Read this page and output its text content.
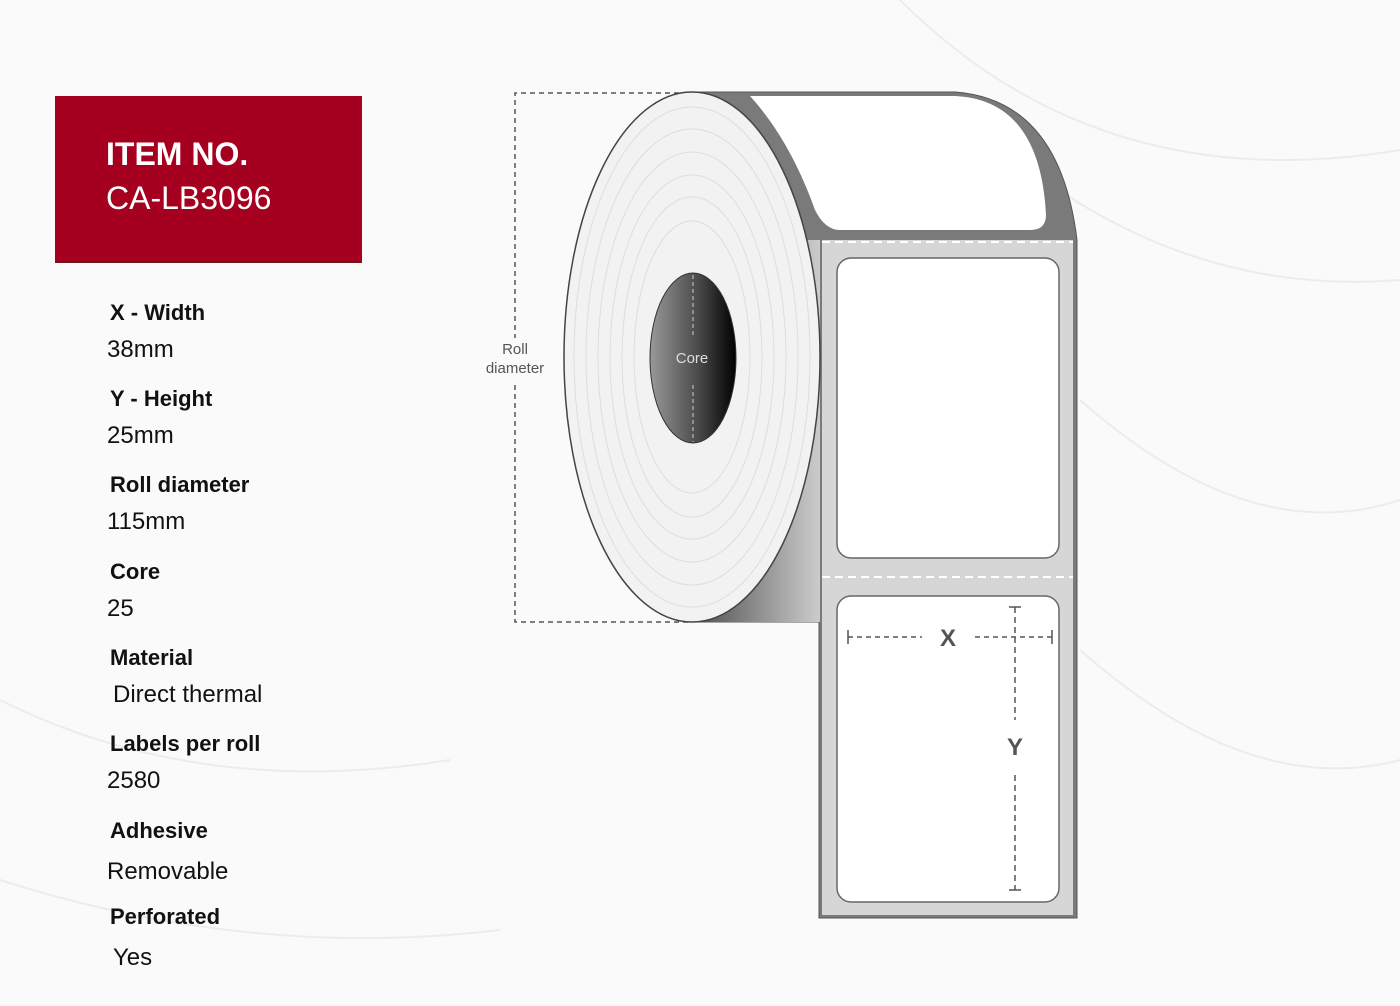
ITEM NO.
CA-LB3096
X - Width
38mm
Y - Height
25mm
Roll diameter
115mm
Core
25
Material
Direct thermal
Labels per roll
2580
Adhesive
Removable
Perforated
Yes
Roll
diameter
X
Y
Core
